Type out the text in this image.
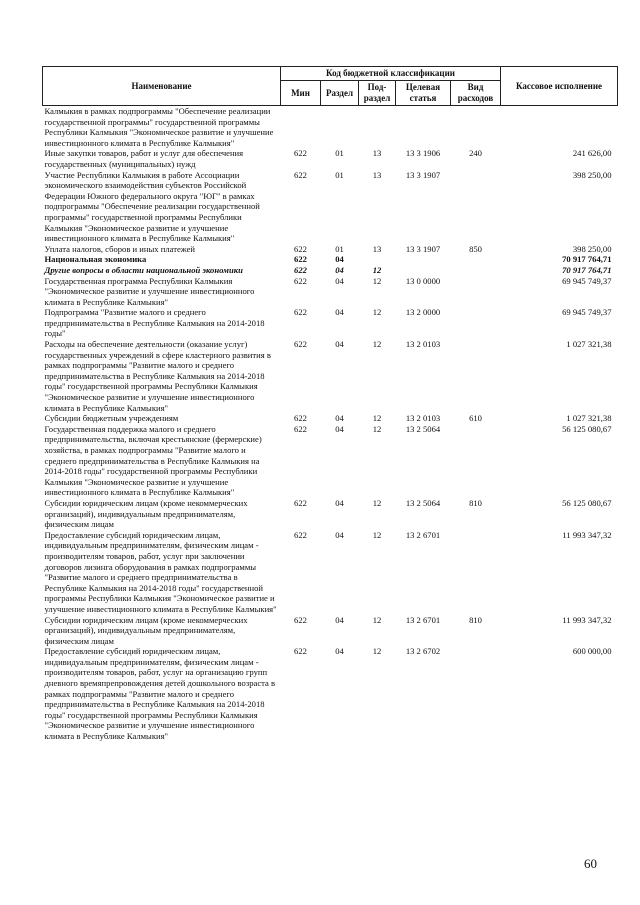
Наименование	Код бюджетной классификации					Кассовое исполнение
	Мин	Раздел	Под-раздел	Целевая статья	Вид расходов	
Калмыкия в рамках подпрограммы "Обеспечение реализации государственной программы" государственной программы Республики Калмыкия "Экономическое развитие и улучшение инвестиционного климата в Республике Калмыкия"						
Иные закупки товаров, работ и услуг для обеспечения государственных (муниципальных) нужд	622	01	13	13 3 1906	240	241 626,00
Участие Республики Калмыкия в работе Ассоциации экономического взаимодействия субъектов Российской Федерации Южного федерального округа "ЮГ" в рамках подпрограммы "Обеспечение реализации государственной программы" государственной программы Республики Калмыкия "Экономическое развитие и улучшение инвестиционного климата в Республике Калмыкия"	622	01	13	13 3 1907		398 250,00
Уплата налогов, сборов и иных платежей	622	01	13	13 3 1907	850	398 250,00
Национальная экономика	622	04				70 917 764,71
Другие вопросы в области национальной экономики	622	04	12			70 917 764,71
Государственная программа Республики Калмыкия "Экономическое развитие и улучшение инвестиционного климата в Республике Калмыкия"	622	04	12	13 0 0000		69 945 749,37
Подпрограмма "Развитие малого и среднего предпринимательства в Республике Калмыкия на 2014-2018 годы"	622	04	12	13 2 0000		69 945 749,37
Расходы на обеспечение деятельности (оказание услуг) государственных учреждений в сфере кластерного развития в рамках подпрограммы "Развитие малого и среднего предпринимательства в Республике Калмыкия на 2014-2018 годы" государственной программы Республики Калмыкия "Экономическое развитие и улучшение инвестиционного климата в Республике Калмыкия"	622	04	12	13 2 0103		1 027 321,38
Субсидии бюджетным учреждениям	622	04	12	13 2 0103	610	1 027 321,38
Государственная поддержка малого и среднего предпринимательства, включая крестьянские (фермерские) хозяйства, в рамках подпрограммы "Развитие малого и среднего предпринимательства в Республике Калмыкия на 2014-2018 годы" государственной программы Республики Калмыкия "Экономическое развитие и улучшение инвестиционного климата в Республике Калмыкия"	622	04	12	13 2 5064		56 125 080,67
Субсидии юридическим лицам (кроме некоммерческих организаций), индивидуальным предпринимателям, физическим лицам	622	04	12	13 2 5064	810	56 125 080,67
Предоставление субсидий юридическим лицам, индивидуальным предпринимателям, физическим лицам - производителям товаров, работ, услуг при заключении договоров лизинга оборудования в рамках подпрограммы "Развитие малого и среднего предпринимательства в Республике Калмыкия на 2014-2018 годы" государственной программы Республики Калмыкия "Экономическое развитие и улучшение инвестиционного климата в Республике Калмыкия"	622	04	12	13 2 6701		11 993 347,32
Субсидии юридическим лицам (кроме некоммерческих организаций), индивидуальным предпринимателям, физическим лицам	622	04	12	13 2 6701	810	11 993 347,32
Предоставление субсидий юридическим лицам, индивидуальным предпринимателям, физическим лицам - производителям товаров, работ, услуг на организацию групп дневного времяпрепровождения детей дошкольного возраста в рамках подпрограммы "Развитие малого и среднего предпринимательства в Республике Калмыкия на 2014-2018 годы" государственной программы Республики Калмыкия "Экономическое развитие и улучшение инвестиционного климата в Республике Калмыкия"	622	04	12	13 2 6702		600 000,00
60
